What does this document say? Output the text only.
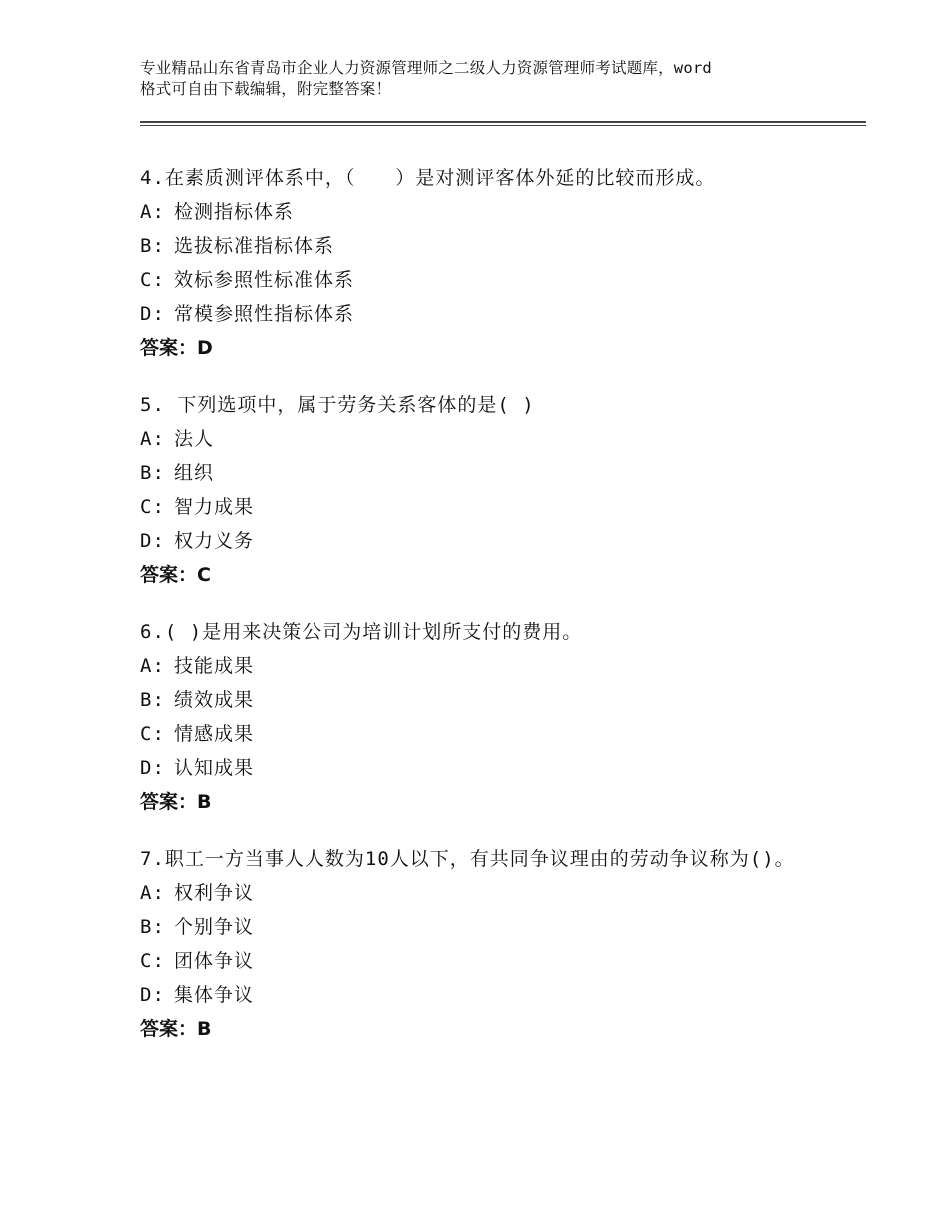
专业精品山东省青岛市企业人力资源管理师之二级人力资源管理师考试题库，word
格式可自由下载编辑，附完整答案！
4.在素质测评体系中，（　　）是对测评客体外延的比较而形成。
A: 检测指标体系
B: 选拔标准指标体系
C: 效标参照性标准体系
D: 常模参照性指标体系
答案：D
5. 下列选项中，属于劳务关系客体的是( )
A: 法人
B: 组织
C: 智力成果
D: 权力义务
答案：C
6.( )是用来决策公司为培训计划所支付的费用。
A: 技能成果
B: 绩效成果
C: 情感成果
D: 认知成果
答案：B
7.职工一方当事人人数为10人以下，有共同争议理由的劳动争议称为()。
A: 权利争议
B: 个别争议
C: 团体争议
D: 集体争议
答案：B
